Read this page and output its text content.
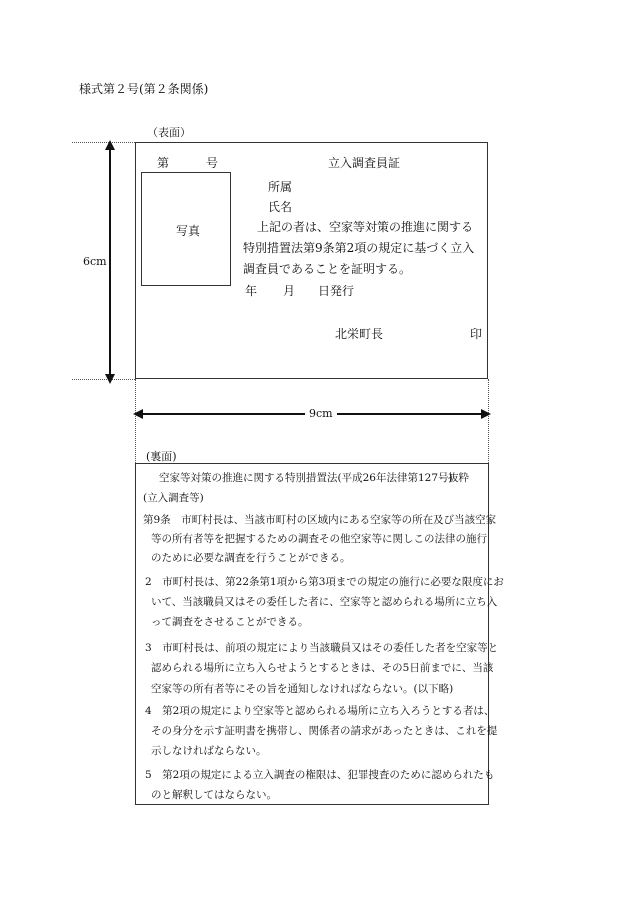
様式第２号(第２条関係)
（表面）
写真
第	号	立入調査員証
所属
氏名
上記の者は、空家等対策の推進に関する
特別措置法第9条第2項の規定に基づく立入
調査員であることを証明する。
年 月 日発行
北栄町長	印
6cm
9cm
(裏面)
空家等対策の推進に関する特別措置法(平成26年法律第127号)
抜粋
(立入調査等)
第9条　市町村長は、当該市町村の区域内にある空家等の所在及び当該空家
等の所有者等を把握するための調査その他空家等に関しこの法律の施行
のために必要な調査を行うことができる。
2　市町村長は、第22条第1項から第3項までの規定の施行に必要な限度にお
いて、当該職員又はその委任した者に、空家等と認められる場所に立ち入
って調査をさせることができる。
3　市町村長は、前項の規定により当該職員又はその委任した者を空家等と
認められる場所に立ち入らせようとするときは、その5日前までに、当該
空家等の所有者等にその旨を通知しなければならない。(以下略)
4　第2項の規定により空家等と認められる場所に立ち入ろうとする者は、
その身分を示す証明書を携帯し、関係者の請求があったときは、これを提
示しなければならない。
5　第2項の規定による立入調査の権限は、犯罪捜査のために認められたも
のと解釈してはならない。
